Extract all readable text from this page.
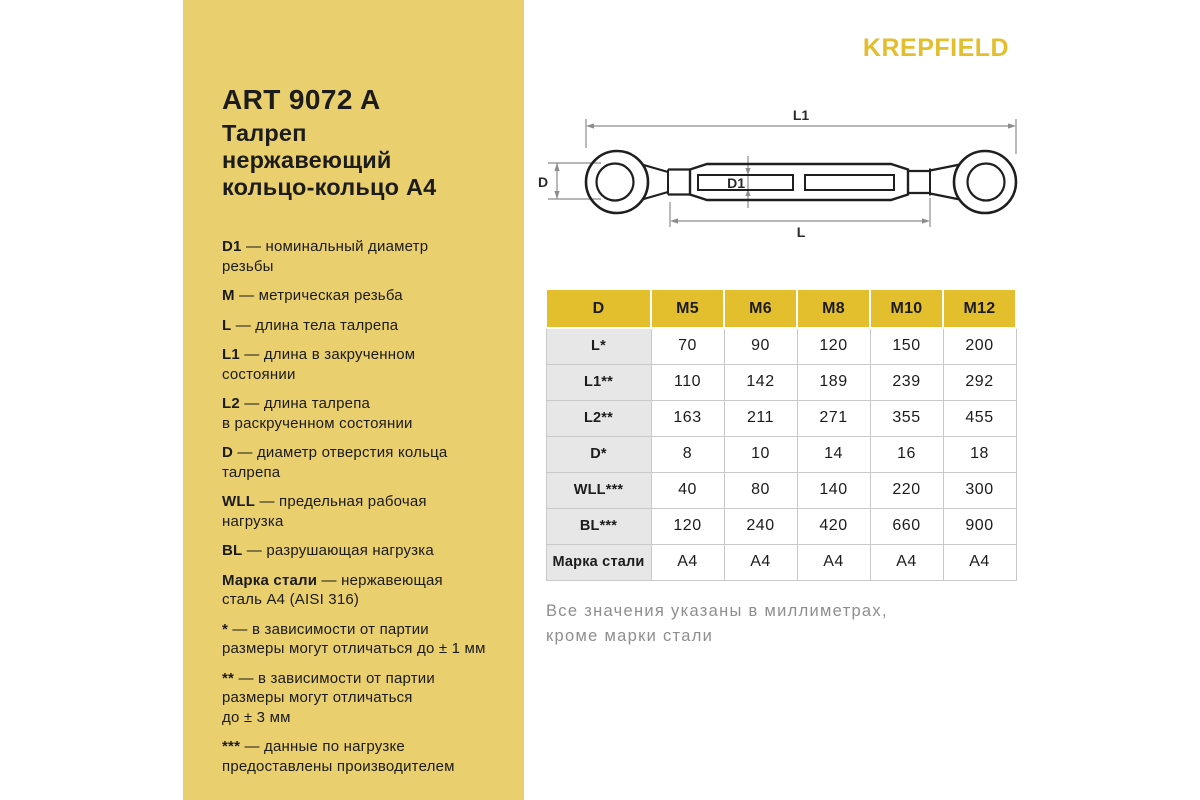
ART 9072 A
Талреп
нержавеющий
кольцо-кольцо А4

D1 — номинальный диаметр
резьбы

M — метрическая резьба

L — длина тела талрепа

L1 — длина в закрученном
состоянии

L2 — длина талрепа
в раскрученном состоянии

D — диаметр отверстия кольца
талрепа

WLL — предельная рабочая
нагрузка

BL — разрушающая нагрузка

Марка стали — нержавеющая
сталь А4 (AISI 316)

* — в зависимости от партии
размеры могут отличаться до ± 1 мм

** — в зависимости от партии
размеры могут отличаться
до ± 3 мм

*** — данные по нагрузке
предоставлены производителем

KREPFIELD
L1
D	D1
L
D	M5	M6	M8	M10	M12
L*	70	90	120	150	200
L1**	110	142	189	239	292
L2**	163	211	271	355	455
D*	8	10	14	16	18
WLL***	40	80	140	220	300
BL***	120	240	420	660	900
Марка стали	А4	А4	А4	А4	А4

Все значения указаны в миллиметрах,
кроме марки стали
